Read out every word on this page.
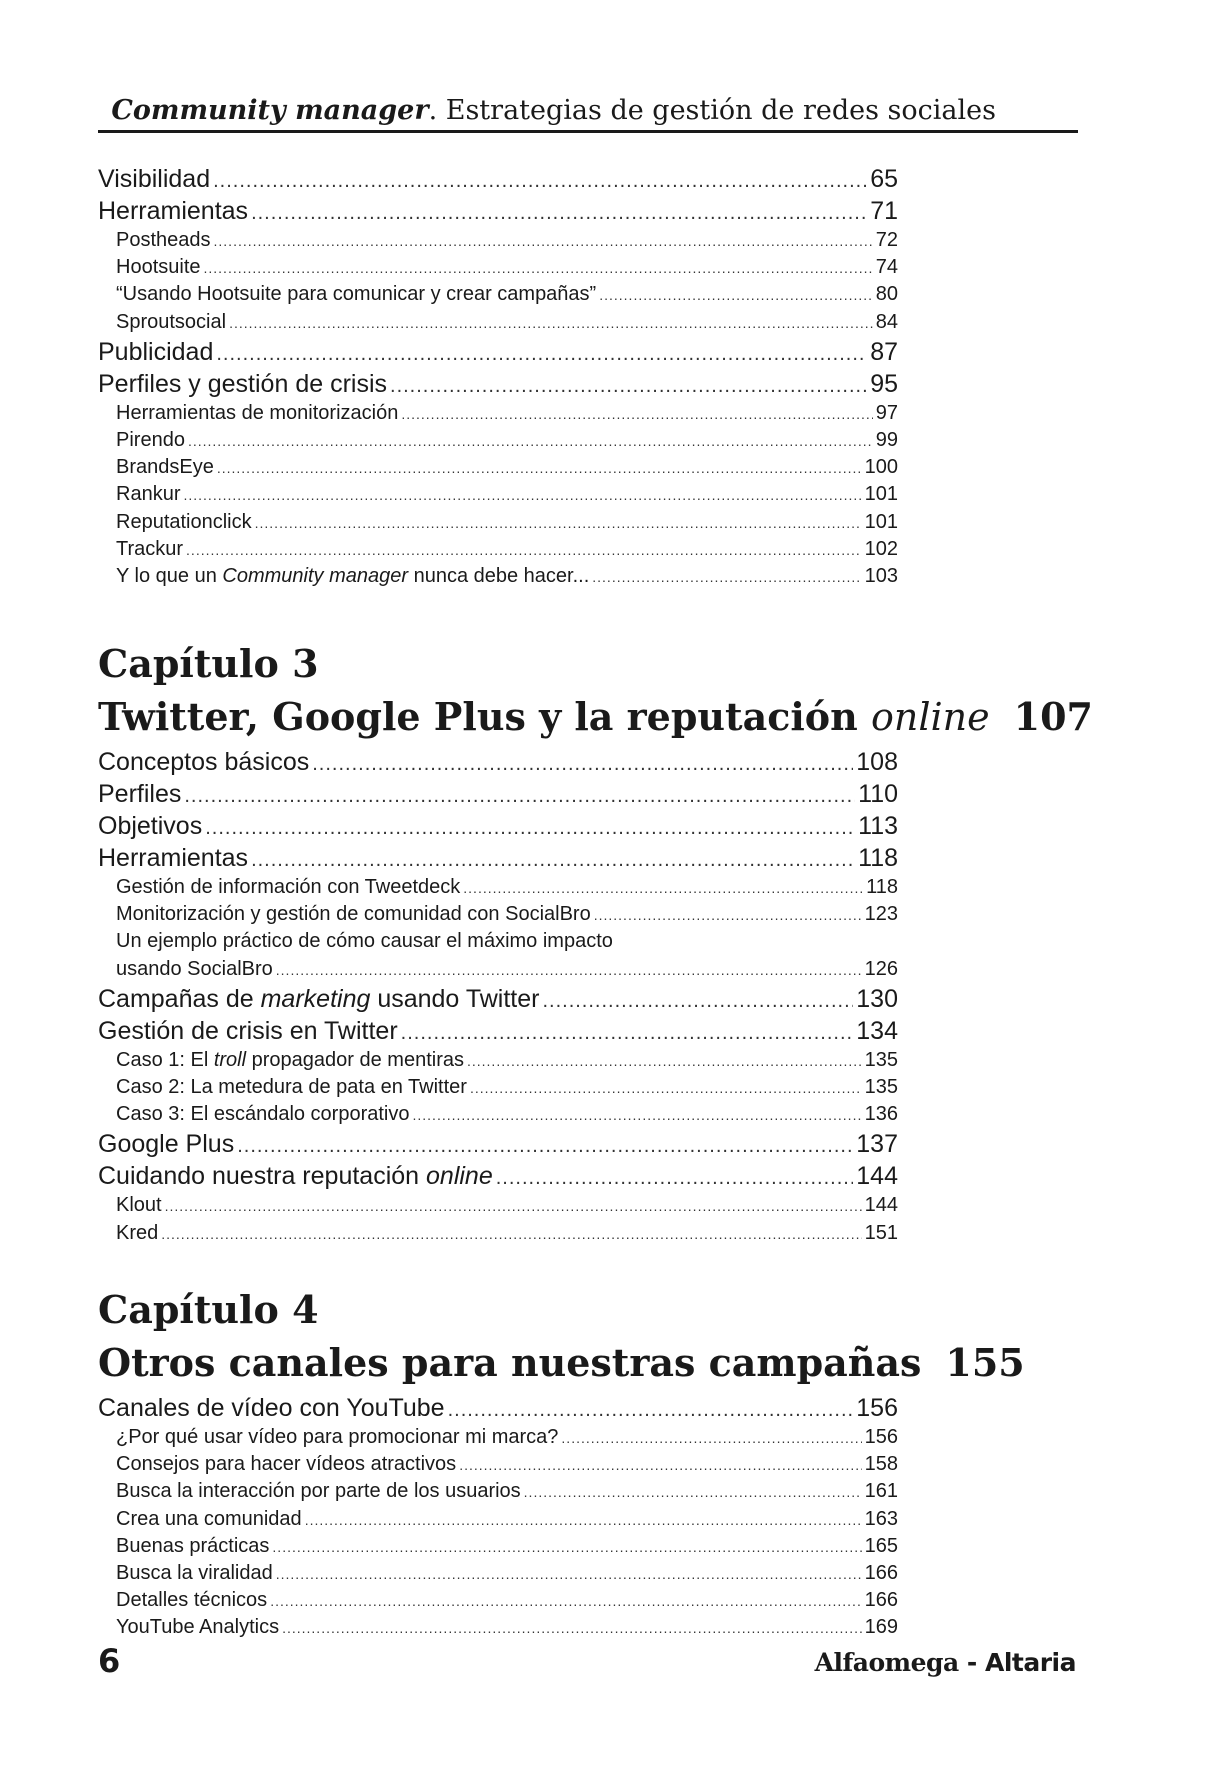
Community manager. Estrategias de gestión de redes sociales
Visibilidad .....	65
Herramientas .....	71
Postheads .....	72
Hootsuite .....	74
“Usando Hootsuite para comunicar y crear campañas” .....	80
Sproutsocial .....	84
Publicidad .....	87
Perfiles y gestión de crisis .....	95
Herramientas de monitorización .....	97
Pirendo .....	99
BrandsEye .....	100
Rankur .....	101
Reputationclick .....	101
Trackur .....	102
Y lo que un Community manager nunca debe hacer... .....	103
Capítulo 3
Twitter, Google Plus y la reputación online 107
Conceptos básicos .....	108
Perfiles .....	110
Objetivos .....	113
Herramientas .....	118
Gestión de información con Tweetdeck .....	118
Monitorización y gestión de comunidad con SocialBro .....	123
Un ejemplo práctico de cómo causar el máximo impacto
usando SocialBro .....	126
Campañas de marketing usando Twitter .....	130
Gestión de crisis en Twitter .....	134
Caso 1: El troll propagador de mentiras .....	135
Caso 2: La metedura de pata en Twitter .....	135
Caso 3: El escándalo corporativo .....	136
Google Plus .....	137
Cuidando nuestra reputación online .....	144
Klout .....	144
Kred .....	151
Capítulo 4
Otros canales para nuestras campañas 155
Canales de vídeo con YouTube .....	156
¿Por qué usar vídeo para promocionar mi marca? .....	156
Consejos para hacer vídeos atractivos .....	158
Busca la interacción por parte de los usuarios .....	161
Crea una comunidad .....	163
Buenas prácticas .....	165
Busca la viralidad .....	166
Detalles técnicos .....	166
YouTube Analytics .....	169
6	Alfaomega - Altaria
